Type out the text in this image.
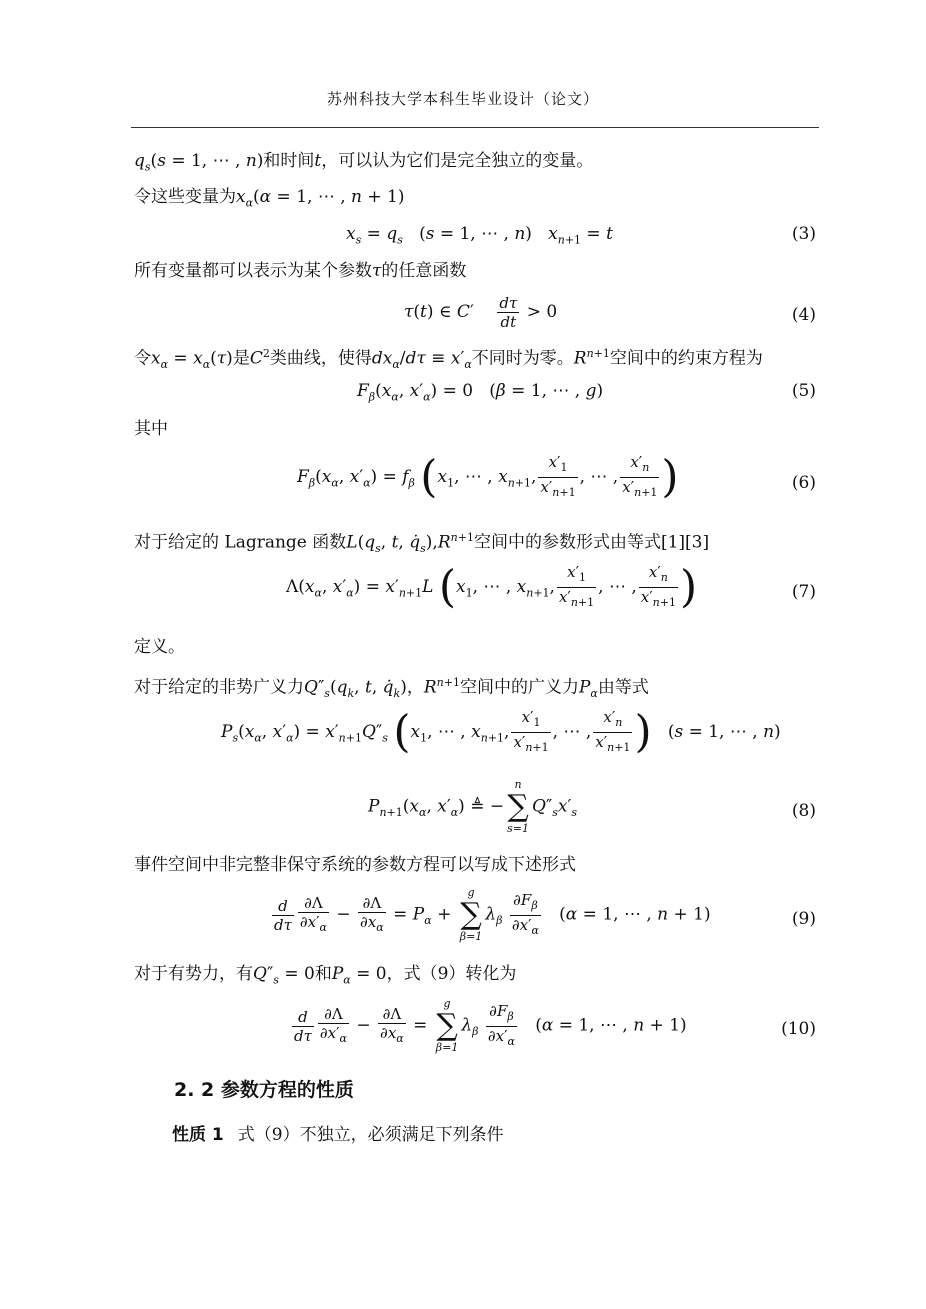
苏州科技大学本科生毕业设计（论文）
$q_s(s = 1$, ⋯ , n)和时间t，可以认为它们是完全独立的变量。
令这些变量为$x_\alpha(\alpha = 1$, ⋯ , n + 1)
$x_s = q_s$   (s = 1, ⋯ , n)   $x_{n+1} = t$	(3)
所有变量都可以表示为某个参数τ的任意函数
τ(t) ∈ $C' \frac{d\tau}{dt} > 0$	(4)
令$x_\alpha = x_\alpha(\tau)$是$C^2$类曲线，使得$dx_\alpha/d\tau \equiv x'_\alpha$不同时为零。$R^{n+1}$空间中的约束方程为
$F_\beta(x_\alpha$, $x'_\alpha) = 0$   (β = 1, ⋯ , g)	(5)
其中
$F_\beta(x_\alpha$, $x'_\alpha) = f_\beta$ ($x_1$, ⋯ , $x_{n+1}$, $\frac{x'_1}{x'_{n+1}}$ , ⋯ , $\frac{x'_n}{x'_{n+1}}$ )	(6)
对于给定的 Lagrange 函数$L(q_s$, t, $q̇_s),R^{n+1}$空间中的参数形式由等式[1][3]
$\Lambda(x_\alpha$, $x'_\alpha) = x'_{n+1}L$ ($x_1$, ⋯ , $x_{n+1}$, $\frac{x'_1}{x'_{n+1}}$ , ⋯ , $\frac{x'_n}{x'_{n+1}}$ )	(7)
定义。
对于给定的非势广义力$Q''_s(q_k$, t, $q̇_k$)，$R^{n+1}$空间中的广义力$P_\alpha$由等式
$P_s(x_\alpha$, $x'_\alpha) = x'_{n+1}Q''_s$ ($x_1$, ⋯ , $x_{n+1}$, $\frac{x'_1}{x'_{n+1}}$ , ⋯ , $\frac{x'_n}{x'_{n+1}}$ )   (s = 1, ⋯ , n)
$P_{n+1}(x_\alpha$, $x'_\alpha$) ≜ −
n
∑
s=1
$Q''_sx'_s$	(8)
事件空间中非完整非保守系统的参数方程可以写成下述形式
$\frac{d}{d\tau} \frac{\partial\Lambda}{\partial x'_\alpha} - \frac{\partial\Lambda}{\partial x_\alpha} = P_\alpha$ +
g
∑
β=1
$\lambda_\beta \frac{\partial F_\beta}{\partial x'_\alpha} (\alpha = 1$, ⋯ , n + 1)	(9)
对于有势力，有$Q''_s = 0$和$P_\alpha = 0$，式（9）转化为
$\frac{d}{d\tau} \frac{\partial\Lambda}{\partial x'_\alpha} - \frac{\partial\Lambda}{\partial x_\alpha}$ =
g
∑
β=1
$\lambda_\beta \frac{\partial F_\beta}{\partial x'_\alpha} (\alpha = 1$, ⋯ , n + 1)	(10)
2. 2 参数方程的性质
性质 1 式（9）不独立，必须满足下列条件
